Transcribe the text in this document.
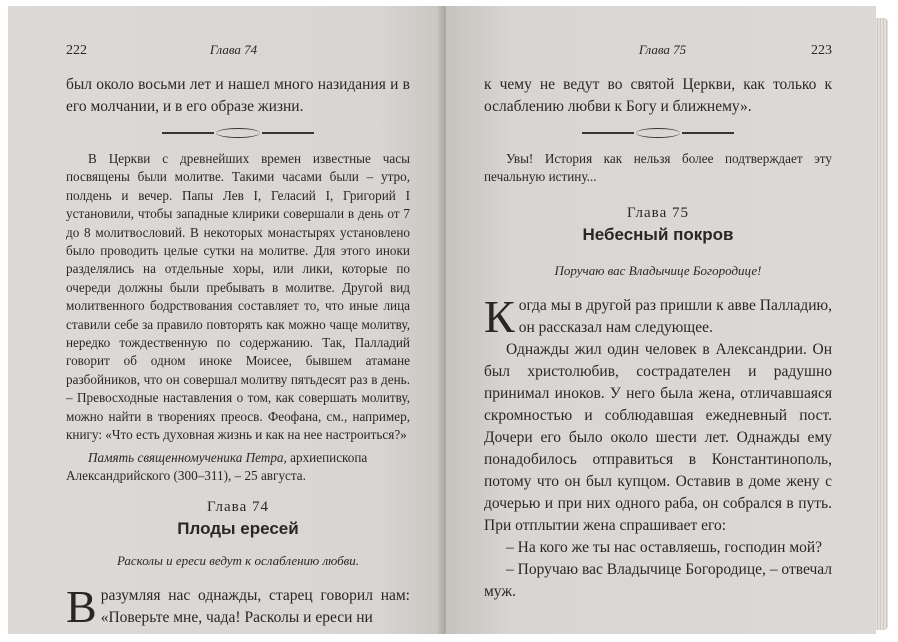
222	Глава 74

был около восьми лет и нашел много назидания и в его молчании, и в его образе жизни.

В Церкви с древнейших времен известные часы посвящены были молитве. Такими часами были – утро, полдень и вечер. Папы Лев I, Геласий I, Григорий I установили, чтобы западные клирики совершали в день от 7 до 8 молитвословий. В некоторых монастырях установлено было проводить целые сутки на молитве. Для этого иноки разделялись на отдельные хоры, или лики, которые по очереди должны были пребывать в молитве. Другой вид молитвенного бодрствования составляет то, что иные лица ставили себе за правило повторять как можно чаще молитву, нередко тождественную по содержанию. Так, Палладий говорит об одном иноке Моисее, бывшем атамане разбойников, что он совершал молитву пятьдесят раз в день. – Превосходные наставления о том, как совершать молитву, можно найти в творениях преосв. Феофана, см., например, книгу: «Что есть духовная жизнь и как на нее настроиться?»

Память священномученика Петра, архиепископа Александрийского (300–311), – 25 августа.

Глава 74
Плоды ересей
Расколы и ереси ведут к ослаблению любви.

Вразумляя нас однажды, старец говорил нам: «Поверьте мне, чада! Расколы и ереси ни

Глава 75	223

к чему не ведут во святой Церкви, как только к ослаблению любви к Богу и ближнему».

Увы! История как нельзя более подтверждает эту печальную истину...

Глава 75
Небесный покров
Поручаю вас Владычице Богородице!

Когда мы в другой раз пришли к авве Палладию, он рассказал нам следующее.

Однажды жил один человек в Александрии. Он был христолюбив, сострадателен и радушно принимал иноков. У него была жена, отличавшаяся скромностью и соблюдавшая ежедневный пост. Дочери его было около шести лет. Однажды ему понадобилось отправиться в Константинополь, потому что он был купцом. Оставив в доме жену с дочерью и при них одного раба, он собрался в путь. При отплытии жена спрашивает его:

– На кого же ты нас оставляешь, господин мой?

– Поручаю вас Владычице Богородице, – отвечал муж.
